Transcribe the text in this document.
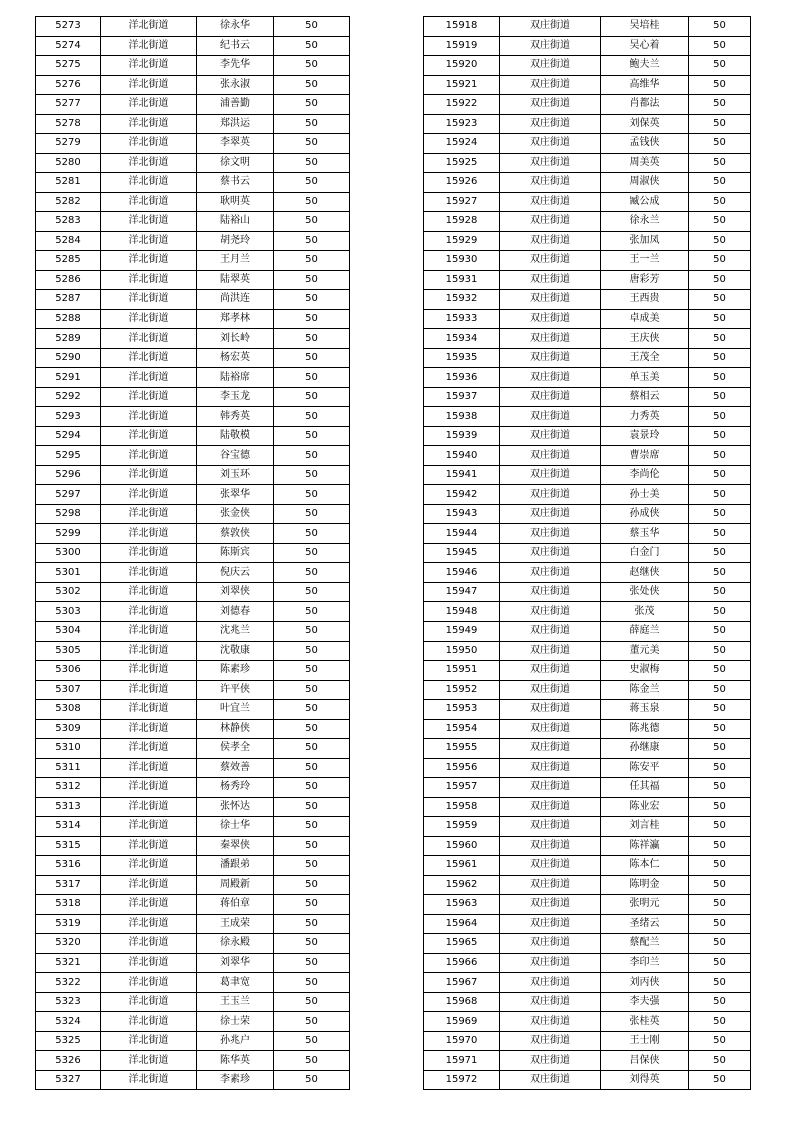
5273	洋北街道	徐永华	50
5274	洋北街道	纪书云	50
5275	洋北街道	李先华	50
5276	洋北街道	张永淑	50
5277	洋北街道	浦善勤	50
5278	洋北街道	郑洪运	50
5279	洋北街道	李翠英	50
5280	洋北街道	徐文明	50
5281	洋北街道	蔡书云	50
5282	洋北街道	耿明英	50
5283	洋北街道	陆裕山	50
5284	洋北街道	胡尧玲	50
5285	洋北街道	王月兰	50
5286	洋北街道	陆翠英	50
5287	洋北街道	尚洪连	50
5288	洋北街道	郑孝林	50
5289	洋北街道	刘长岭	50
5290	洋北街道	杨宏英	50
5291	洋北街道	陆裕席	50
5292	洋北街道	李玉龙	50
5293	洋北街道	韩秀英	50
5294	洋北街道	陆敬模	50
5295	洋北街道	谷宝德	50
5296	洋北街道	刘玉环	50
5297	洋北街道	张翠华	50
5298	洋北街道	张金侠	50
5299	洋北街道	蔡敦侠	50
5300	洋北街道	陈斯宾	50
5301	洋北街道	倪庆云	50
5302	洋北街道	刘翠侠	50
5303	洋北街道	刘德春	50
5304	洋北街道	沈兆兰	50
5305	洋北街道	沈敬康	50
5306	洋北街道	陈素珍	50
5307	洋北街道	许平侠	50
5308	洋北街道	叶宜兰	50
5309	洋北街道	林静侠	50
5310	洋北街道	侯孝全	50
5311	洋北街道	蔡效善	50
5312	洋北街道	杨秀玲	50
5313	洋北街道	张怀达	50
5314	洋北街道	徐士华	50
5315	洋北街道	秦翠侠	50
5316	洋北街道	潘跟弟	50
5317	洋北街道	周殿新	50
5318	洋北街道	蒋伯章	50
5319	洋北街道	王成荣	50
5320	洋北街道	徐永殿	50
5321	洋北街道	刘翠华	50
5322	洋北街道	葛聿宽	50
5323	洋北街道	王玉兰	50
5324	洋北街道	徐士荣	50
5325	洋北街道	孙兆户	50
5326	洋北街道	陈华英	50
5327	洋北街道	李素珍	50
15918	双庄街道	吴培桂	50
15919	双庄街道	吴心着	50
15920	双庄街道	鲍夫兰	50
15921	双庄街道	高维华	50
15922	双庄街道	肖都法	50
15923	双庄街道	刘保英	50
15924	双庄街道	孟钱侠	50
15925	双庄街道	周美英	50
15926	双庄街道	周淑侠	50
15927	双庄街道	臧公成	50
15928	双庄街道	徐永兰	50
15929	双庄街道	张加凤	50
15930	双庄街道	王一兰	50
15931	双庄街道	唐彩芳	50
15932	双庄街道	王西贵	50
15933	双庄街道	卓成美	50
15934	双庄街道	王庆侠	50
15935	双庄街道	王茂全	50
15936	双庄街道	单玉美	50
15937	双庄街道	蔡相云	50
15938	双庄街道	力秀英	50
15939	双庄街道	袁景玲	50
15940	双庄街道	曹崇席	50
15941	双庄街道	李尚伦	50
15942	双庄街道	孙士美	50
15943	双庄街道	孙成侠	50
15944	双庄街道	蔡玉华	50
15945	双庄街道	白金门	50
15946	双庄街道	赵继侠	50
15947	双庄街道	张处侠	50
15948	双庄街道	张茂	50
15949	双庄街道	薛庭兰	50
15950	双庄街道	董元美	50
15951	双庄街道	史淑梅	50
15952	双庄街道	陈金兰	50
15953	双庄街道	蒋玉泉	50
15954	双庄街道	陈兆德	50
15955	双庄街道	孙继康	50
15956	双庄街道	陈安平	50
15957	双庄街道	任其福	50
15958	双庄街道	陈业宏	50
15959	双庄街道	刘言桂	50
15960	双庄街道	陈祥瀛	50
15961	双庄街道	陈本仁	50
15962	双庄街道	陈明金	50
15963	双庄街道	张明元	50
15964	双庄街道	圣绪云	50
15965	双庄街道	蔡配兰	50
15966	双庄街道	李印兰	50
15967	双庄街道	刘丙侠	50
15968	双庄街道	李夫强	50
15969	双庄街道	张桂英	50
15970	双庄街道	王士刚	50
15971	双庄街道	吕保侠	50
15972	双庄街道	刘得英	50
